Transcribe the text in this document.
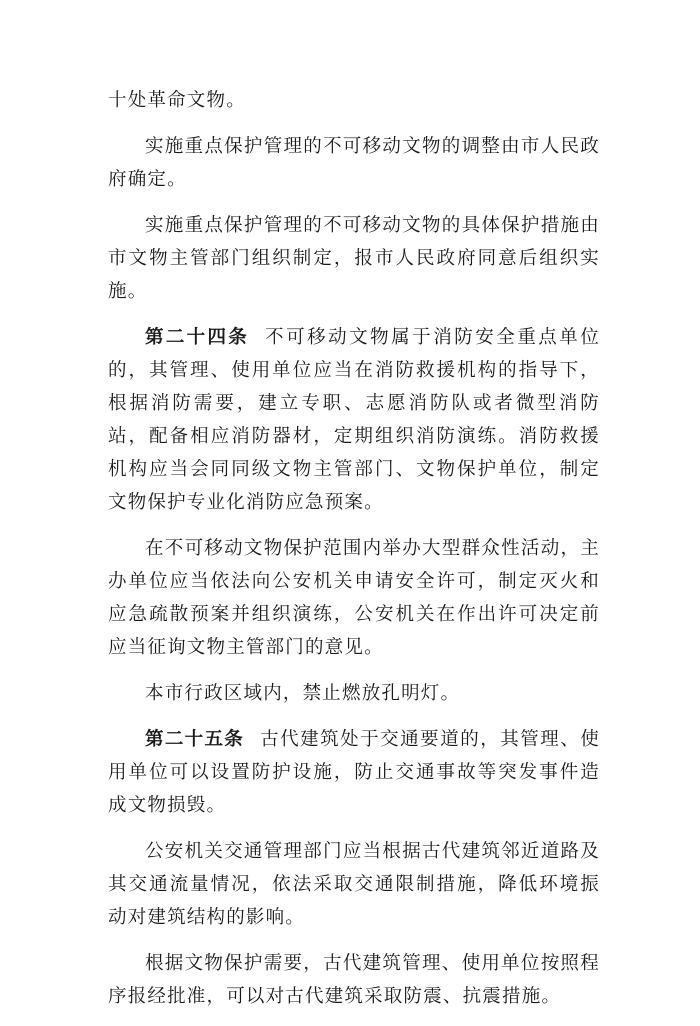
十处革命文物。

实施重点保护管理的不可移动文物的调整由市人民政府确定。

实施重点保护管理的不可移动文物的具体保护措施由市文物主管部门组织制定，报市人民政府同意后组织实施。

第二十四条 不可移动文物属于消防安全重点单位的，其管理、使用单位应当在消防救援机构的指导下，根据消防需要，建立专职、志愿消防队或者微型消防站，配备相应消防器材，定期组织消防演练。消防救援机构应当会同同级文物主管部门、文物保护单位，制定文物保护专业化消防应急预案。

在不可移动文物保护范围内举办大型群众性活动，主办单位应当依法向公安机关申请安全许可，制定灭火和应急疏散预案并组织演练，公安机关在作出许可决定前应当征询文物主管部门的意见。

本市行政区域内，禁止燃放孔明灯。

第二十五条 古代建筑处于交通要道的，其管理、使用单位可以设置防护设施，防止交通事故等突发事件造成文物损毁。

公安机关交通管理部门应当根据古代建筑邻近道路及其交通流量情况，依法采取交通限制措施，降低环境振动对建筑结构的影响。

根据文物保护需要，古代建筑管理、使用单位按照程序报经批准，可以对古代建筑采取防震、抗震措施。
